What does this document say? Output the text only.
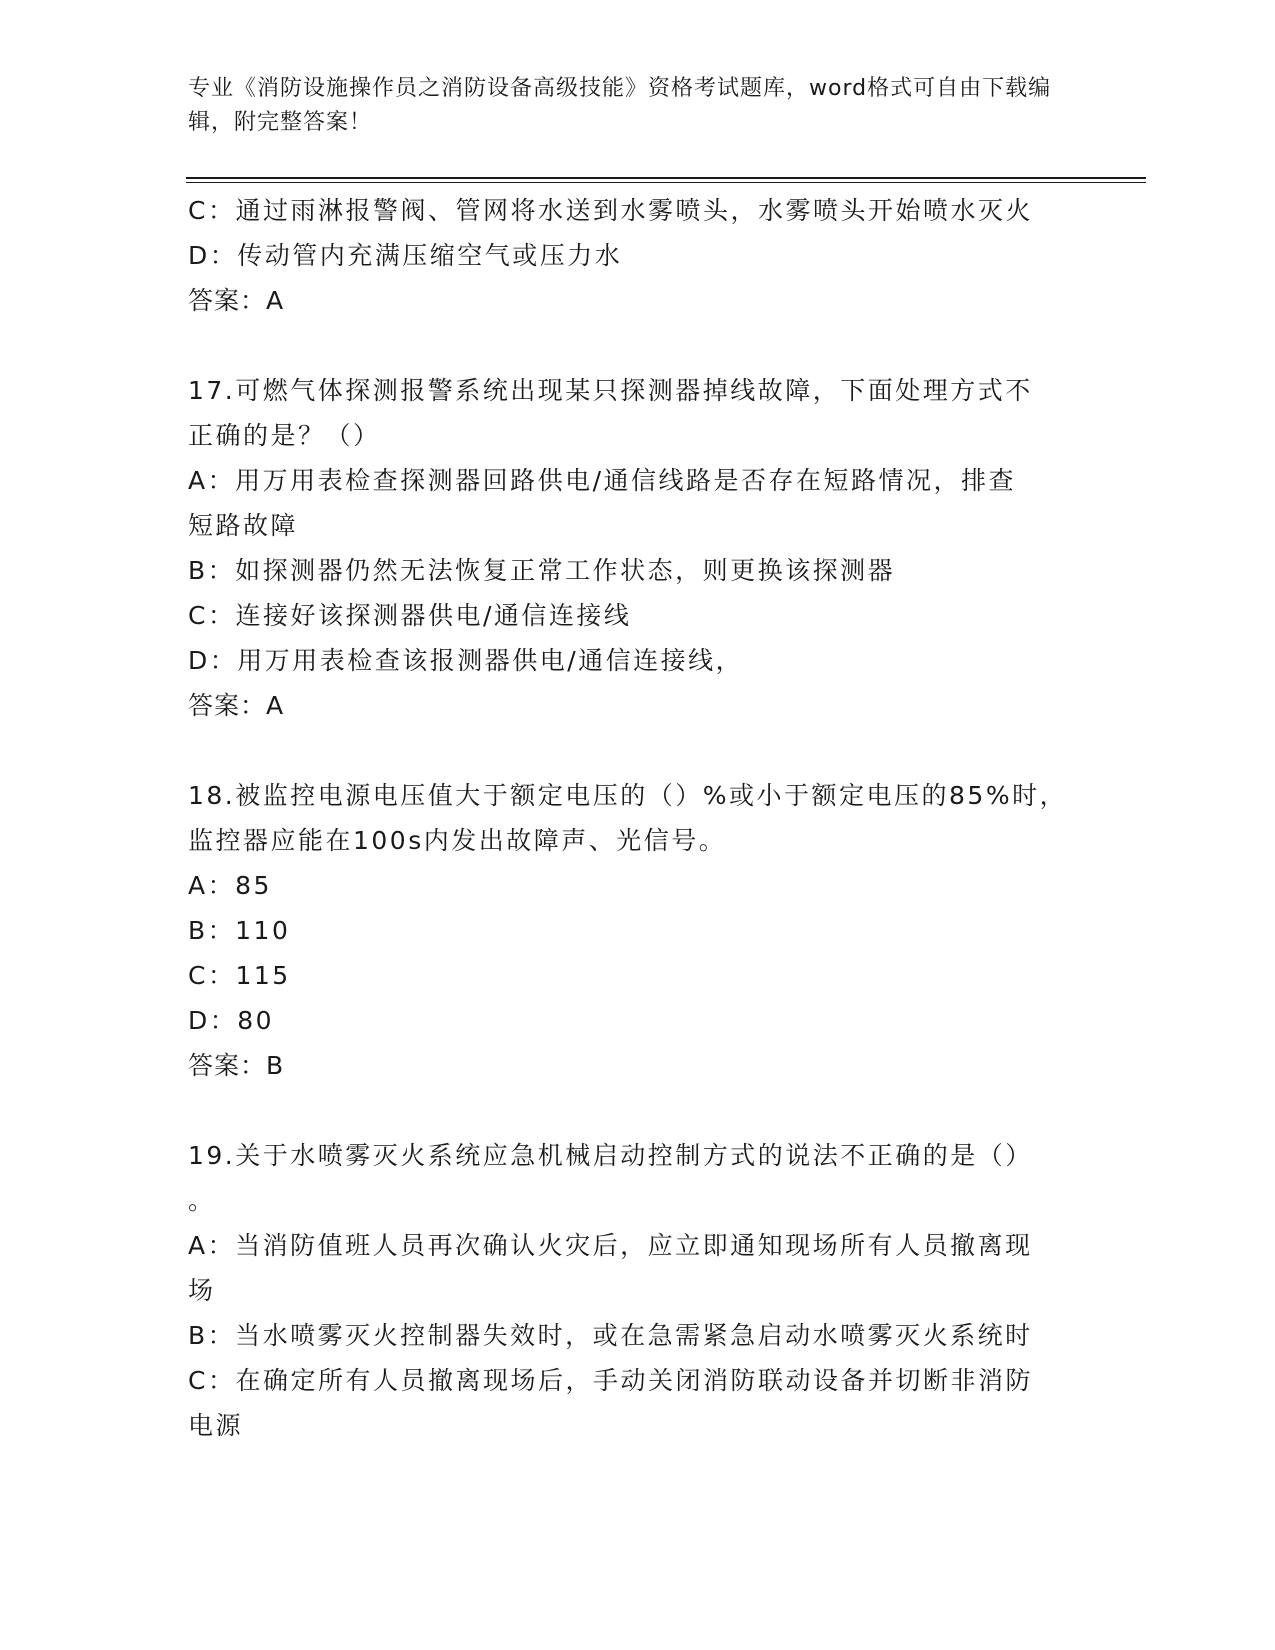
专业《消防设施操作员之消防设备高级技能》资格考试题库，word格式可自由下载编辑，附完整答案！
C：通过雨淋报警阀、管网将水送到水雾喷头，水雾喷头开始喷水灭火
D：传动管内充满压缩空气或压力水
答案：A
17.可燃气体探测报警系统出现某只探测器掉线故障，下面处理方式不
正确的是？（）
A：用万用表检查探测器回路供电/通信线路是否存在短路情况，排查
短路故障
B：如探测器仍然无法恢复正常工作状态，则更换该探测器
C：连接好该探测器供电/通信连接线
D：用万用表检查该报测器供电/通信连接线，
答案：A
18.被监控电源电压值大于额定电压的（）%或小于额定电压的85%时，
监控器应能在100s内发出故障声、光信号。
A：85
B：110
C：115
D：80
答案：B
19.关于水喷雾灭火系统应急机械启动控制方式的说法不正确的是（）
。
A：当消防值班人员再次确认火灾后，应立即通知现场所有人员撤离现
场
B：当水喷雾灭火控制器失效时，或在急需紧急启动水喷雾灭火系统时
C：在确定所有人员撤离现场后，手动关闭消防联动设备并切断非消防
电源
